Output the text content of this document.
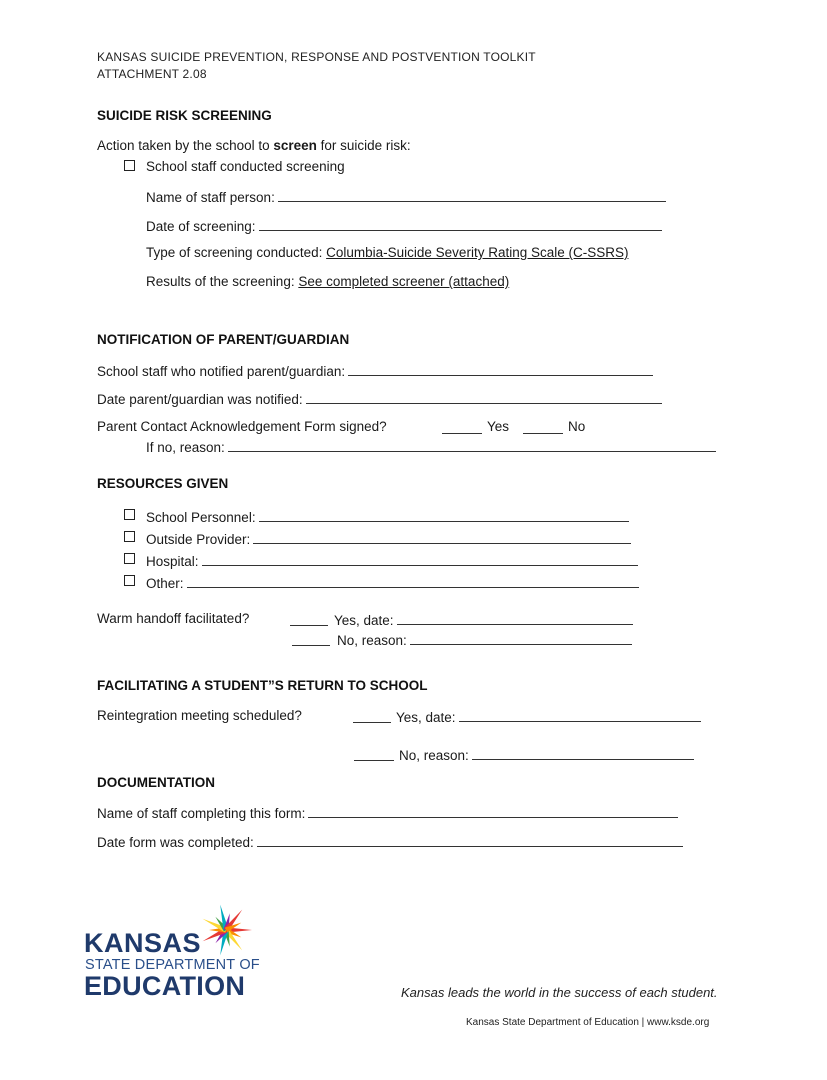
KANSAS SUICIDE PREVENTION, RESPONSE AND POSTVENTION TOOLKIT
ATTACHMENT 2.08
SUICIDE RISK SCREENING
Action taken by the school to screen for suicide risk:
School staff conducted screening
Name of staff person:
Date of screening:
Type of screening conducted: Columbia-Suicide Severity Rating Scale (C-SSRS)
Results of the screening: See completed screener (attached)
NOTIFICATION OF PARENT/GUARDIAN
School staff who notified parent/guardian:
Date parent/guardian was notified:
Parent Contact Acknowledgement Form signed?	Yes	No
If no, reason:
RESOURCES GIVEN
School Personnel:
Outside Provider:
Hospital:
Other:
Warm handoff facilitated?	Yes, date:
No, reason:
FACILITATING A STUDENT”S RETURN TO SCHOOL
Reintegration meeting scheduled?	Yes, date:
No, reason:
DOCUMENTATION
Name of staff completing this form:
Date form was completed:
KANSAS
STATE DEPARTMENT OF
EDUCATION	Kansas leads the world in the success of each student.
Kansas State Department of Education | www.ksde.org
